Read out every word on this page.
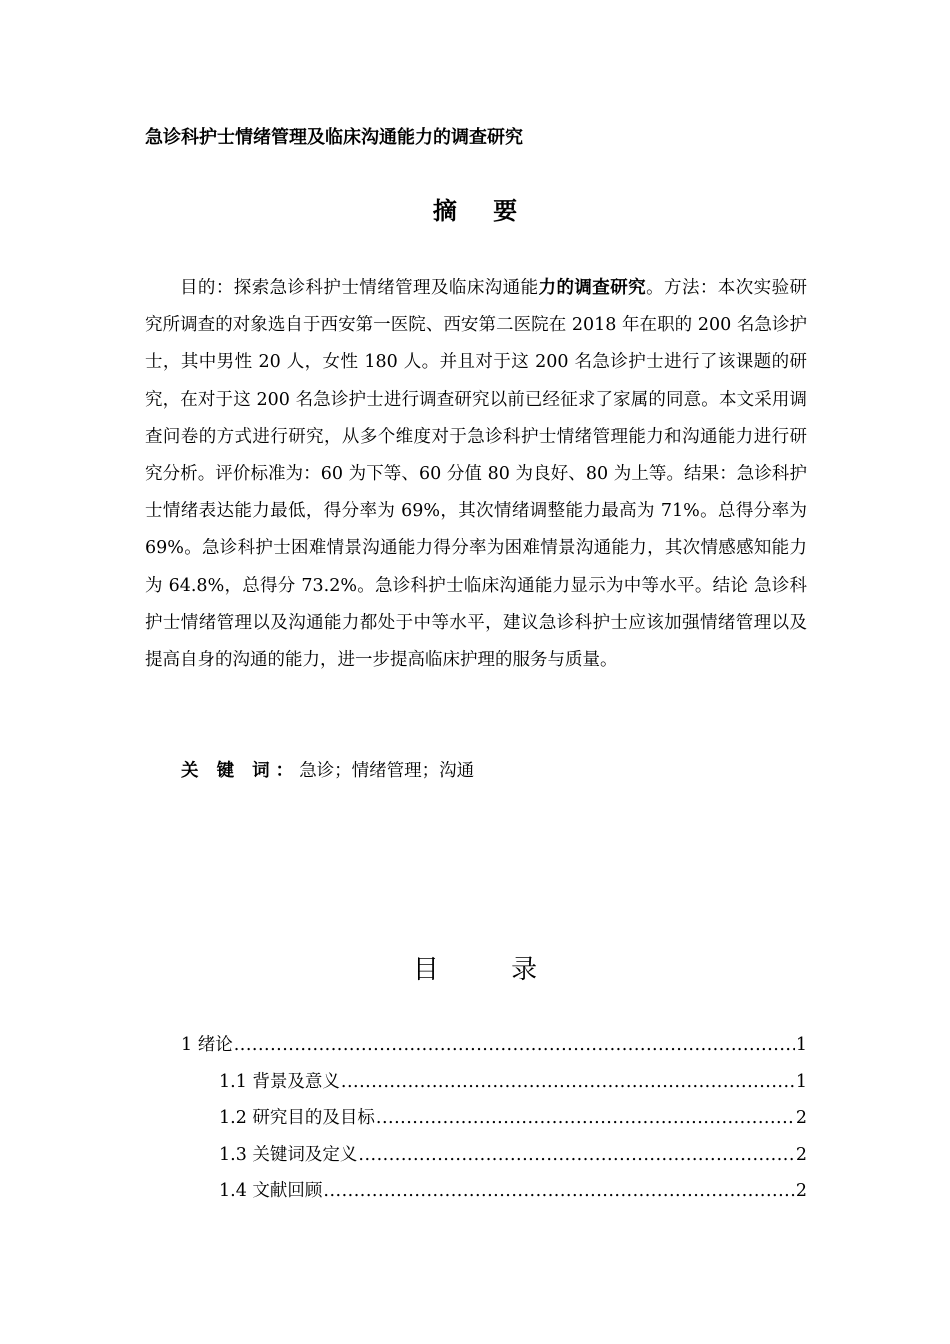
急诊科护士情绪管理及临床沟通能力的调查研究
摘 要

目的：探索急诊科护士情绪管理及临床沟通能力的调查研究。方法：本次实验研究所调查的对象选自于西安第一医院、西安第二医院在 2018 年在职的 200 名急诊护士，其中男性 20 人，女性 180 人。并且对于这 200 名急诊护士进行了该课题的研究，在对于这 200 名急诊护士进行调查研究以前已经征求了家属的同意。本文采用调查问卷的方式进行研究，从多个维度对于急诊科护士情绪管理能力和沟通能力进行研究分析。评价标准为：60 为下等、60 分值 80 为良好、80 为上等。结果：急诊科护士情绪表达能力最低，得分率为 69%，其次情绪调整能力最高为 71%。总得分率为 69%。急诊科护士困难情景沟通能力得分率为困难情景沟通能力，其次情感感知能力为 64.8%，总得分 73.2%。急诊科护士临床沟通能力显示为中等水平。结论 急诊科护士情绪管理以及沟通能力都处于中等水平，建议急诊科护士应该加强情绪管理以及提高自身的沟通的能力，进一步提高临床护理的服务与质量。

关 键 词：急诊；情绪管理；沟通
目 录
1 绪论 .....	1
1.1 背景及意义 .....	1
1.2 研究目的及目标 .....	2
1.3 关键词及定义 .....	2
1.4 文献回顾 .....	2
